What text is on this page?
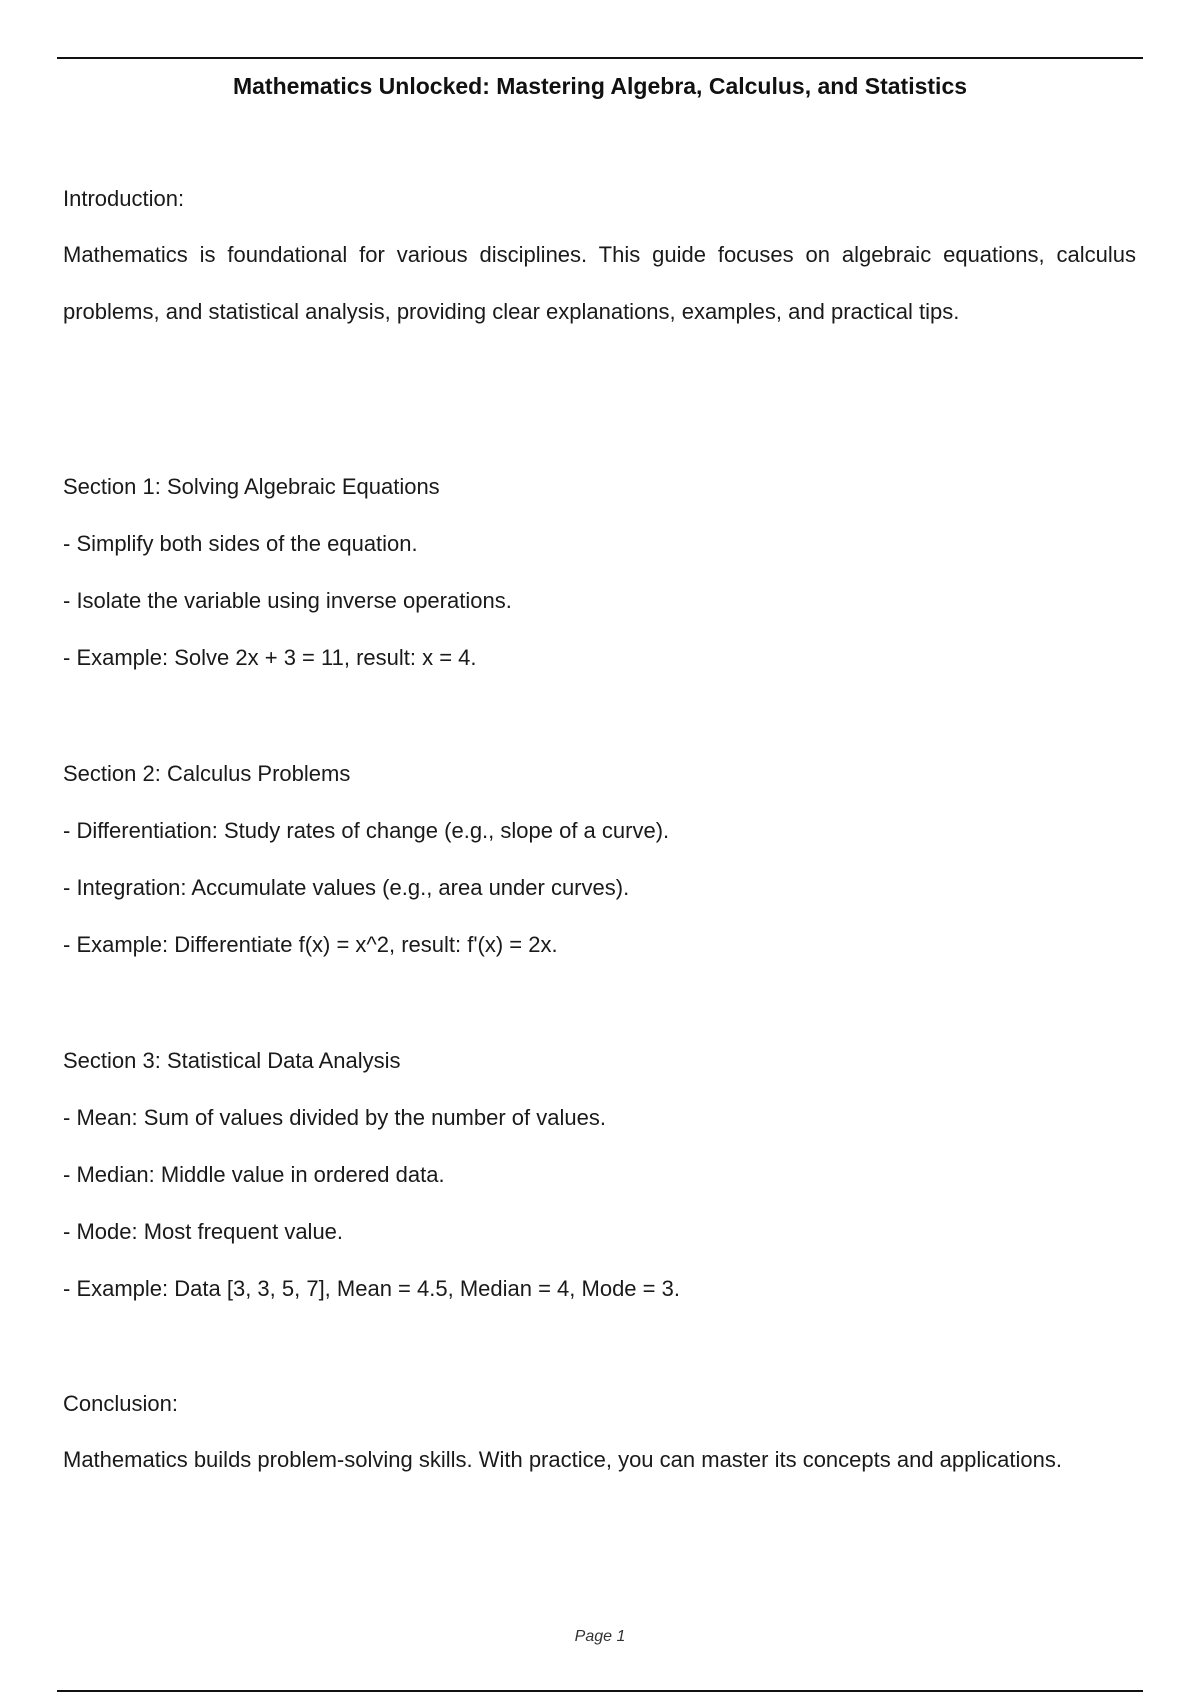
Mathematics Unlocked: Mastering Algebra, Calculus, and Statistics

Introduction:

Mathematics is foundational for various disciplines. This guide focuses on algebraic equations, calculus problems, and statistical analysis, providing clear explanations, examples, and practical tips.

Section 1: Solving Algebraic Equations

- Simplify both sides of the equation.

- Isolate the variable using inverse operations.

- Example: Solve 2x + 3 = 11, result: x = 4.

Section 2: Calculus Problems

- Differentiation: Study rates of change (e.g., slope of a curve).

- Integration: Accumulate values (e.g., area under curves).

- Example: Differentiate f(x) = x^2, result: f'(x) = 2x.

Section 3: Statistical Data Analysis

- Mean: Sum of values divided by the number of values.

- Median: Middle value in ordered data.

- Mode: Most frequent value.

- Example: Data [3, 3, 5, 7], Mean = 4.5, Median = 4, Mode = 3.

Conclusion:

Mathematics builds problem-solving skills. With practice, you can master its concepts and applications.

Page 1
